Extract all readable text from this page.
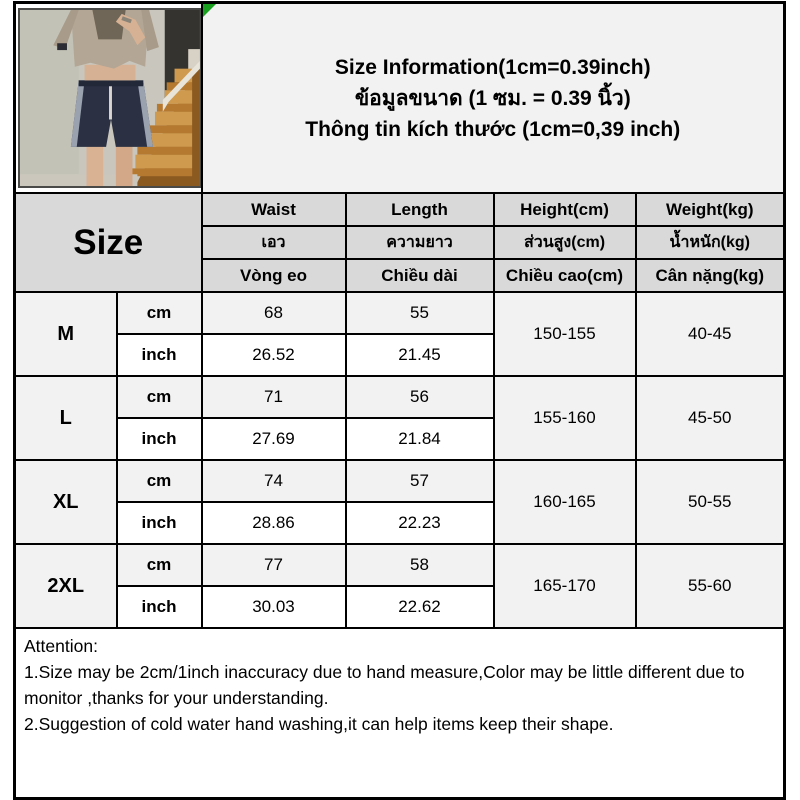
Size Information(1cm=0.39inch)
ข้อมูลขนาด (1 ซม. = 0.39 นิ้ว)
Thông tin kích thước (1cm=0,39 inch)			

Size		Waist	Length	Height(cm)	Weight(kg)
		เอว	ความยาว	ส่วนสูง(cm)	น้ำหนัก(kg)
		Vòng eo	Chiều dài	Chiều cao(cm)	Cân nặng(kg)
M	cm	68	55	150-155	40-45
	inch	26.52	21.45		
L	cm	71	56	155-160	45-50
	inch	27.69	21.84		
XL	cm	74	57	160-165	50-55
	inch	28.86	22.23		
2XL	cm	77	58	165-170	55-60
	inch	30.03	22.62		

Attention:

1.Size may be 2cm/1inch inaccuracy due to hand measure,Color may be little different due to monitor ,thanks for your understanding.

2.Suggestion of cold water hand washing,it can help items keep their shape.					
